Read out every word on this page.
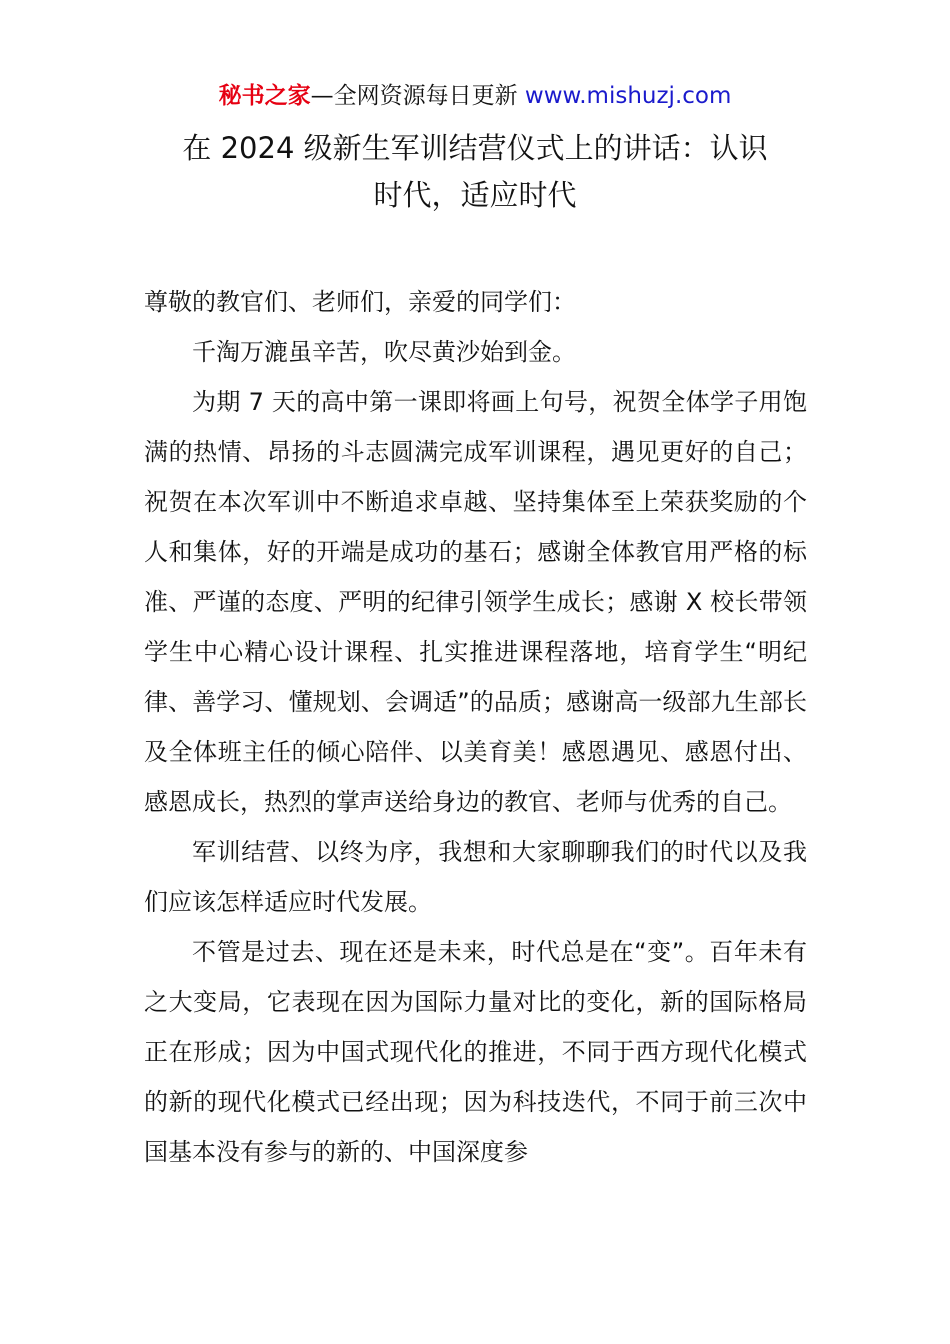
秘书之家—全网资源每日更新 www.mishuzj.com
在 2024 级新生军训结营仪式上的讲话：认识
时代，适应时代

尊敬的教官们、老师们，亲爱的同学们：

千淘万漉虽辛苦，吹尽黄沙始到金。

为期 7 天的高中第一课即将画上句号，祝贺全体学子用饱满的热情、昂扬的斗志圆满完成军训课程，遇见更好的自己；祝贺在本次军训中不断追求卓越、坚持集体至上荣获奖励的个人和集体，好的开端是成功的基石；感谢全体教官用严格的标准、严谨的态度、严明的纪律引领学生成长；感谢 X 校长带领学生中心精心设计课程、扎实推进课程落地，培育学生“明纪律、善学习、懂规划、会调适”的品质；感谢高一级部九生部长及全体班主任的倾心陪伴、以美育美！感恩遇见、感恩付出、感恩成长，热烈的掌声送给身边的教官、老师与优秀的自己。

军训结营、以终为序，我想和大家聊聊我们的时代以及我们应该怎样适应时代发展。

不管是过去、现在还是未来，时代总是在“变”。百年未有之大变局，它表现在因为国际力量对比的变化，新的国际格局正在形成；因为中国式现代化的推进，不同于西方现代化模式的新的现代化模式已经出现；因为科技迭代，不同于前三次中国基本没有参与的新的、中国深度参
